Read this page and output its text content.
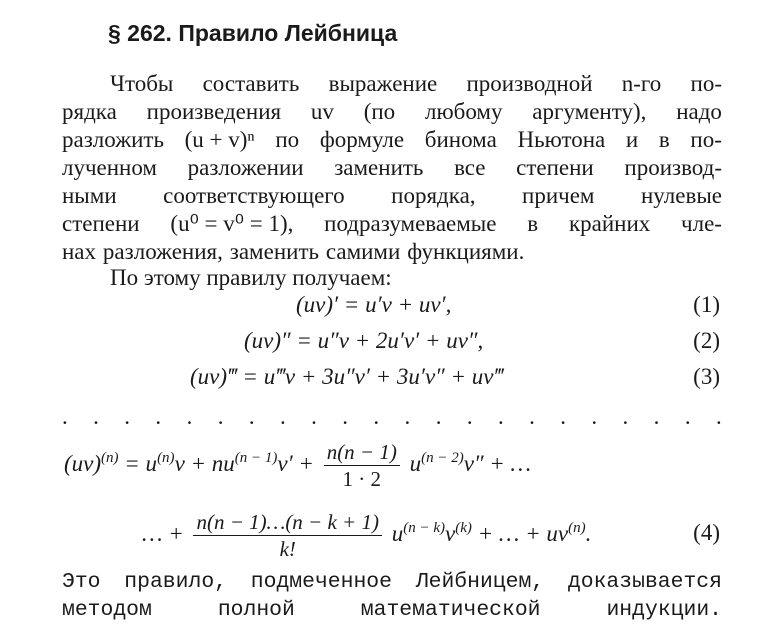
§ 262. Правило Лейбница
Чтобы составить выражение производной n-го по-
рядка произведения uv (по любому аргументу), надо
разложить (u + v)ⁿ по формуле бинома Ньютона и в по-
лученном разложении заменить все степени производ-
ными соответствующего порядка, причем нулевые
степени (u⁰ = v⁰ = 1), подразумеваемые в крайних чле-
нах разложения, заменить самими функциями.
По этому правилу получаем:
(uv)′ = u′v + uv′,	(1)
(uv)″ = u″v + 2u′v′ + uv″,	(2)
(uv)‴ = u‴v + 3u″v′ + 3u′v″ + uv‴	(3)
. . . . . . . . . . . . . . . . . . . . . .
$(uv)^{(n)} = u^{(n)}v + nu^{(n - 1)}v' + \frac{n(n - 1)}{1 \cdot 2} u^{(n - 2)}v''$ + …
… + $\frac{n(n - 1)\dots(n - k + 1)}{k!} u^{(n - k)}v^{(k)}$ + … + $uv^{(n)}$.	(4)
Это правило, подмеченное Лейбницем, доказывается
методом	полной	математической	индукции.
